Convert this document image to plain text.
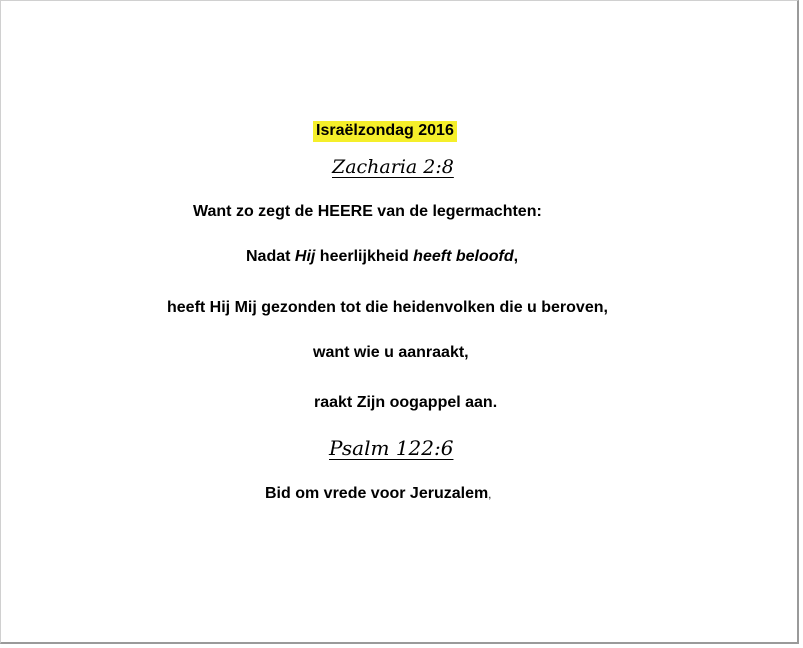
Israëlzondag 2016
Zacharia 2:8
Want zo zegt de HEERE van de legermachten:
Nadat Hij heerlijkheid heeft beloofd,
heeft Hij Mij gezonden tot die heidenvolken die u beroven,
want wie u aanraakt,
raakt Zijn oogappel aan.
Psalm 122:6
Bid om vrede voor Jeruzalem,
